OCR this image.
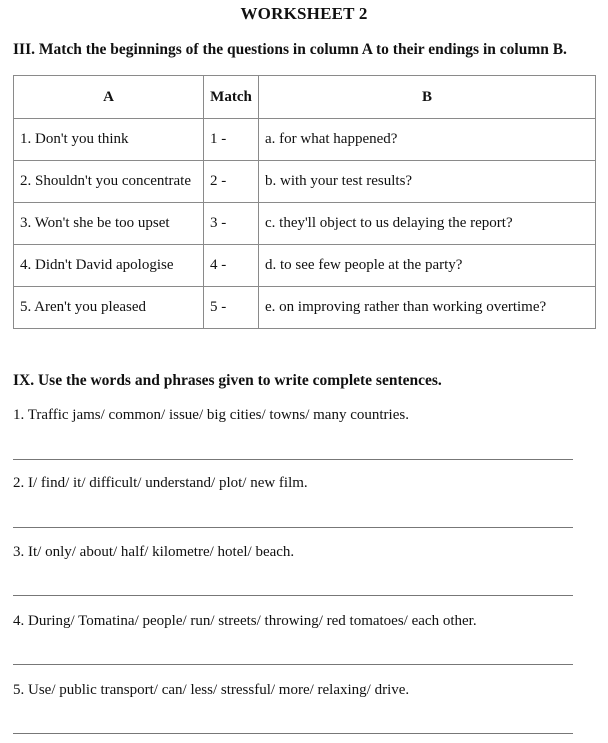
WORKSHEET 2
III. Match the beginnings of the questions in column A to their endings in column B.
A	Match	B
1. Don't you think	1 -	a. for what happened?
2. Shouldn't you concentrate	2 -	b. with your test results?
3. Won't she be too upset	3 -	c. they'll object to us delaying the report?
4. Didn't David apologise	4 -	d. to see few people at the party?
5. Aren't you pleased	5 -	e. on improving rather than working overtime?
IX. Use the words and phrases given to write complete sentences.
1. Traffic jams/ common/ issue/ big cities/ towns/ many countries.
2. I/ find/ it/ difficult/ understand/ plot/ new film.
3. It/ only/ about/ half/ kilometre/ hotel/ beach.
4. During/ Tomatina/ people/ run/ streets/ throwing/ red tomatoes/ each other.
5. Use/ public transport/ can/ less/ stressful/ more/ relaxing/ drive.
